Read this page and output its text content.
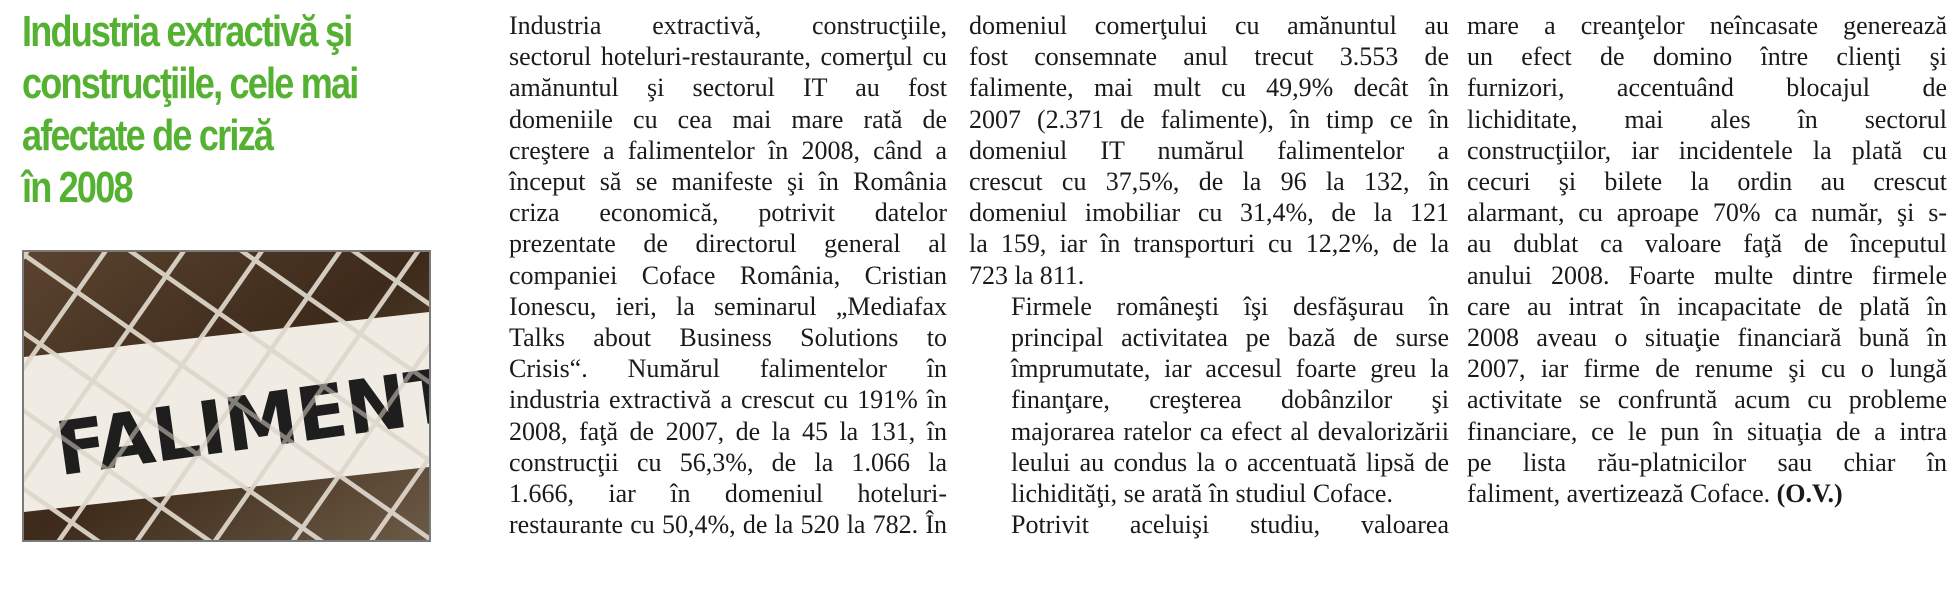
Industria extractivă şi
construcţiile, cele mai
afectate de criză
în 2008

Industria extractivă, construcţiile,
sectorul hoteluri-restaurante, comerţul cu
amănuntul şi sectorul IT au fost
domeniile cu cea mai mare rată de
creştere a falimentelor în 2008, când a
început să se manifeste şi în România
criza economică, potrivit datelor
prezentate de directorul general al
companiei Coface România, Cristian
Ionescu, ieri, la seminarul „Mediafax
Talks about Business Solutions to
Crisis“. Numărul falimentelor în
industria extractivă a crescut cu 191% în
2008, faţă de 2007, de la 45 la 131, în
construcţii cu 56,3%, de la 1.066 la
1.666, iar în domeniul hoteluri-
restaurante cu 50,4%, de la 520 la 782. În

domeniul comerţului cu amănuntul au
fost consemnate anul trecut 3.553 de
falimente, mai mult cu 49,9% decât în
2007 (2.371 de falimente), în timp ce în
domeniul IT numărul falimentelor a
crescut cu 37,5%, de la 96 la 132, în
domeniul imobiliar cu 31,4%, de la 121
la 159, iar în transporturi cu 12,2%, de la
723 la 811.

Firmele româneşti îşi desfăşurau în
principal activitatea pe bază de surse
împrumutate, iar accesul foarte greu la
finanţare, creşterea dobânzilor şi
majorarea ratelor ca efect al devalorizării
leului au condus la o accentuată lipsă de
lichidităţi, se arată în studiul Coface.

Potrivit aceluişi studiu, valoarea

mare a creanţelor neîncasate generează
un efect de domino între clienţi şi
furnizori, accentuând blocajul de
lichiditate, mai ales în sectorul
construcţiilor, iar incidentele la plată cu
cecuri şi bilete la ordin au crescut
alarmant, cu aproape 70% ca număr, şi s-
au dublat ca valoare faţă de începutul
anului 2008. Foarte multe dintre firmele
care au intrat în incapacitate de plată în
2008 aveau o situaţie financiară bună în
2007, iar firme de renume şi cu o lungă
activitate se confruntă acum cu probleme
financiare, ce le pun în situaţia de a intra
pe lista rău-platnicilor sau chiar în
faliment, avertizează Coface. (O.V.)
